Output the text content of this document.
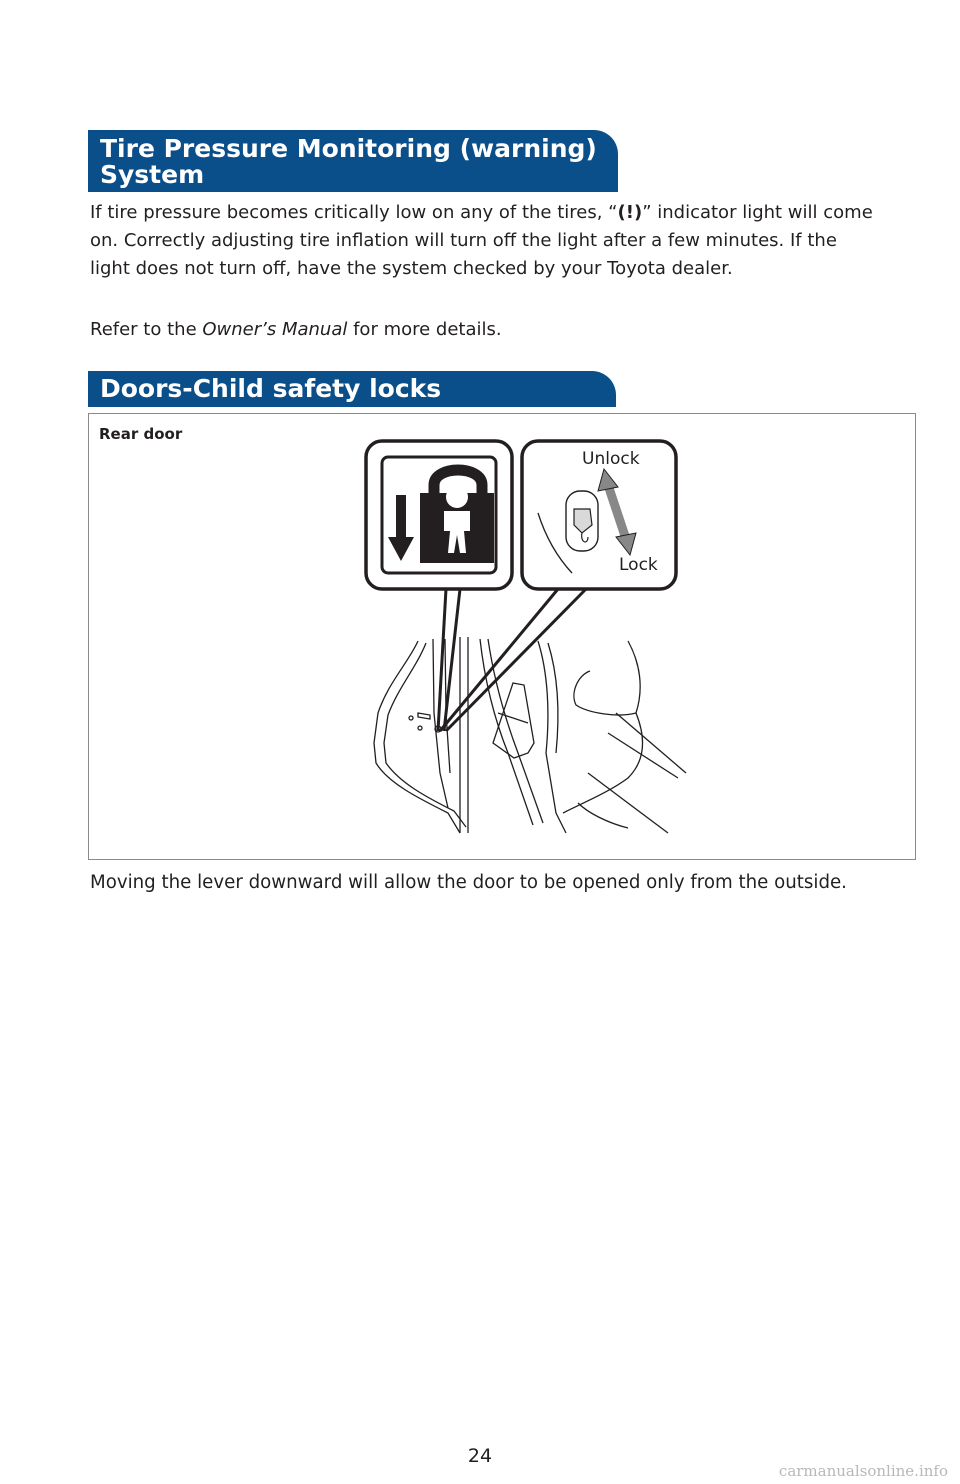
Tire Pressure Monitoring (warning)
System

If tire pressure becomes critically low on any of the tires, “(!)” indicator light will come on. Correctly adjusting tire inflation will turn off the light after a few minutes. If the light does not turn off, have the system checked by your Toyota dealer.

Refer to the Owner’s Manual for more details.

Doors-Child safety locks
Rear door
Unlock
Lock

Moving the lever downward will allow the door to be opened only from the outside.

24
carmanualsonline.info
